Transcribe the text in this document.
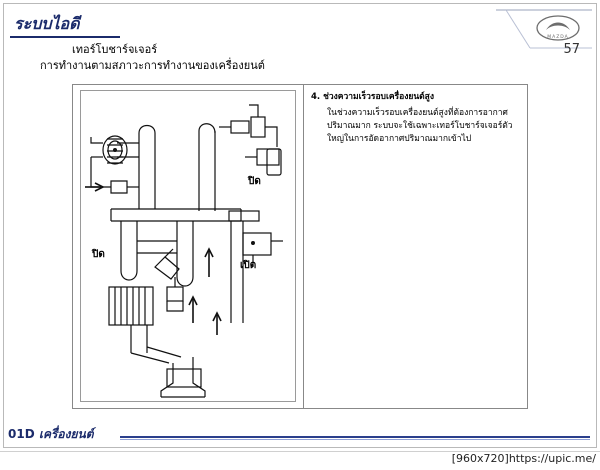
ระบบไอดี
เทอร์โบชาร์จเจอร์
การทำงานตามสภาวะการทำงานของเครื่องยนต์
MAZDA
57
ปิด
ปิด
เปิด
4. ช่วงความเร็วรอบเครื่องยนต์สูง
ในช่วงความเร็วรอบเครื่องยนต์สูงที่ต้องการอากาศปริมาณมาก ระบบจะใช้เฉพาะเทอร์โบชาร์จเจอร์ตัวใหญ่ในการอัดอากาศปริมาณมากเข้าไป
01D เครื่องยนต์
[960x720]https://upic.me/
